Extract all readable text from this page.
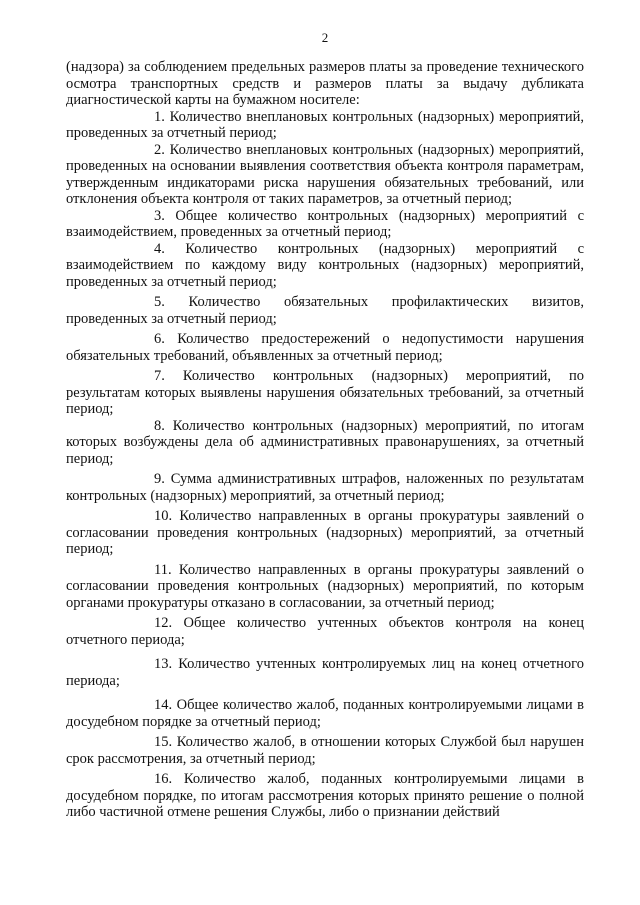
2

(надзора) за соблюдением предельных размеров платы за проведение технического осмотра транспортных средств и размеров платы за выдачу дубликата диагностической карты на бумажном носителе:

1. Количество внеплановых контрольных (надзорных) мероприятий, проведенных за отчетный период;

2. Количество внеплановых контрольных (надзорных) мероприятий, проведенных на основании выявления соответствия объекта контроля параметрам, утвержденным индикаторами риска нарушения обязательных требований, или отклонения объекта контроля от таких параметров, за отчетный период;

3. Общее количество контрольных (надзорных) мероприятий с взаимодействием, проведенных за отчетный период;

4. Количество контрольных (надзорных) мероприятий с взаимодействием по каждому виду контрольных (надзорных) мероприятий, проведенных за отчетный период;

5. Количество обязательных профилактических визитов, проведенных за отчетный период;

6. Количество предостережений о недопустимости нарушения обязательных требований, объявленных за отчетный период;

7. Количество контрольных (надзорных) мероприятий, по результатам которых выявлены нарушения обязательных требований, за отчетный период;

8. Количество контрольных (надзорных) мероприятий, по итогам которых возбуждены дела об административных правонарушениях, за отчетный период;

9. Сумма административных штрафов, наложенных по результатам контрольных (надзорных) мероприятий, за отчетный период;

10. Количество направленных в органы прокуратуры заявлений о согласовании проведения контрольных (надзорных) мероприятий, за отчетный период;

11. Количество направленных в органы прокуратуры заявлений о согласовании проведения контрольных (надзорных) мероприятий, по которым органами прокуратуры отказано в согласовании, за отчетный период;

12. Общее количество учтенных объектов контроля на конец отчетного периода;

13. Количество учтенных контролируемых лиц на конец отчетного периода;

14. Общее количество жалоб, поданных контролируемыми лицами в досудебном порядке за отчетный период;

15. Количество жалоб, в отношении которых Службой был нарушен срок рассмотрения, за отчетный период;

16. Количество жалоб, поданных контролируемыми лицами в досудебном порядке, по итогам рассмотрения которых принято решение о полной либо частичной отмене решения Службы, либо о признании действий
